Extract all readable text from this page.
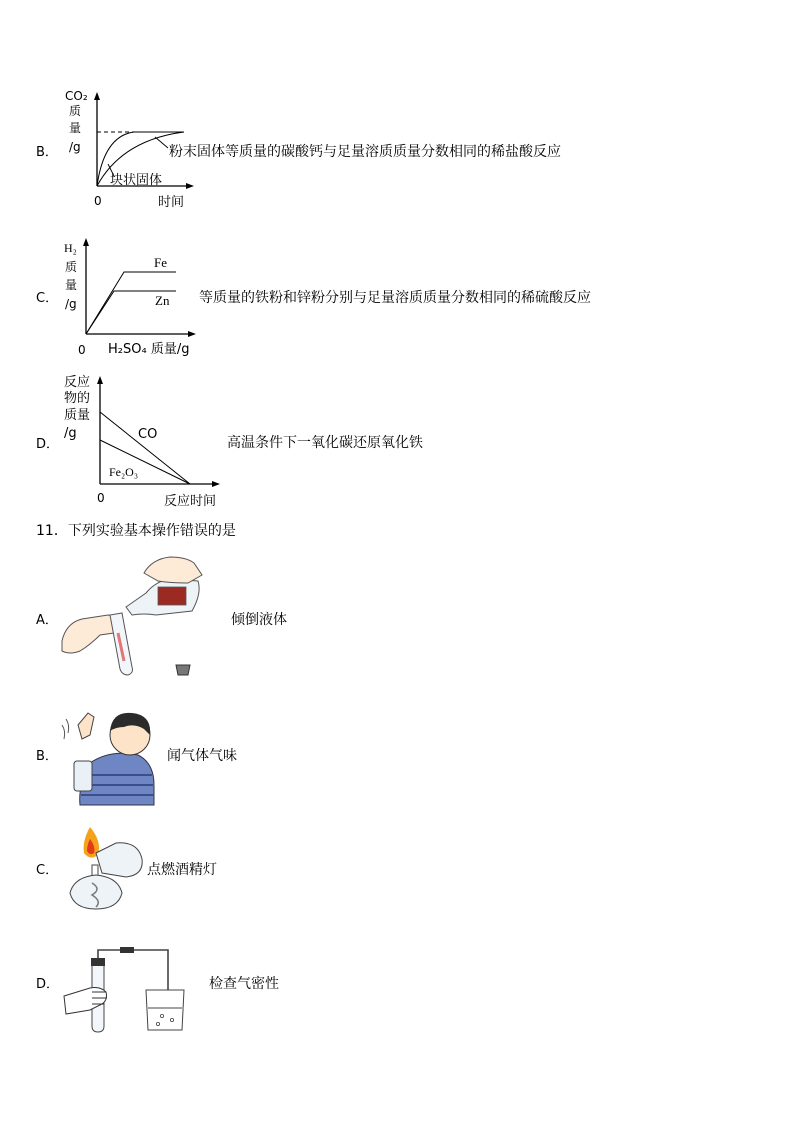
B．
CO₂
质
量
/g
块状固体
0	时间
粉末固体等质量的碳酸钙与足量溶质质量分数相同的稀盐酸反应
C．
H₂
质
量
/g
Fe
Zn
0 H₂SO₄ 质量/g
等质量的铁粉和锌粉分别与足量溶质质量分数相同的稀硫酸反应
D．
反应
物的
质量
/g	CO
Fe₂O₃
0	反应时间
高温条件下一氧化碳还原氧化铁
11．下列实验基本操作错误的是
A．	倾倒液体
B．	闻气体气味
C．	点燃酒精灯
D．	检查气密性
